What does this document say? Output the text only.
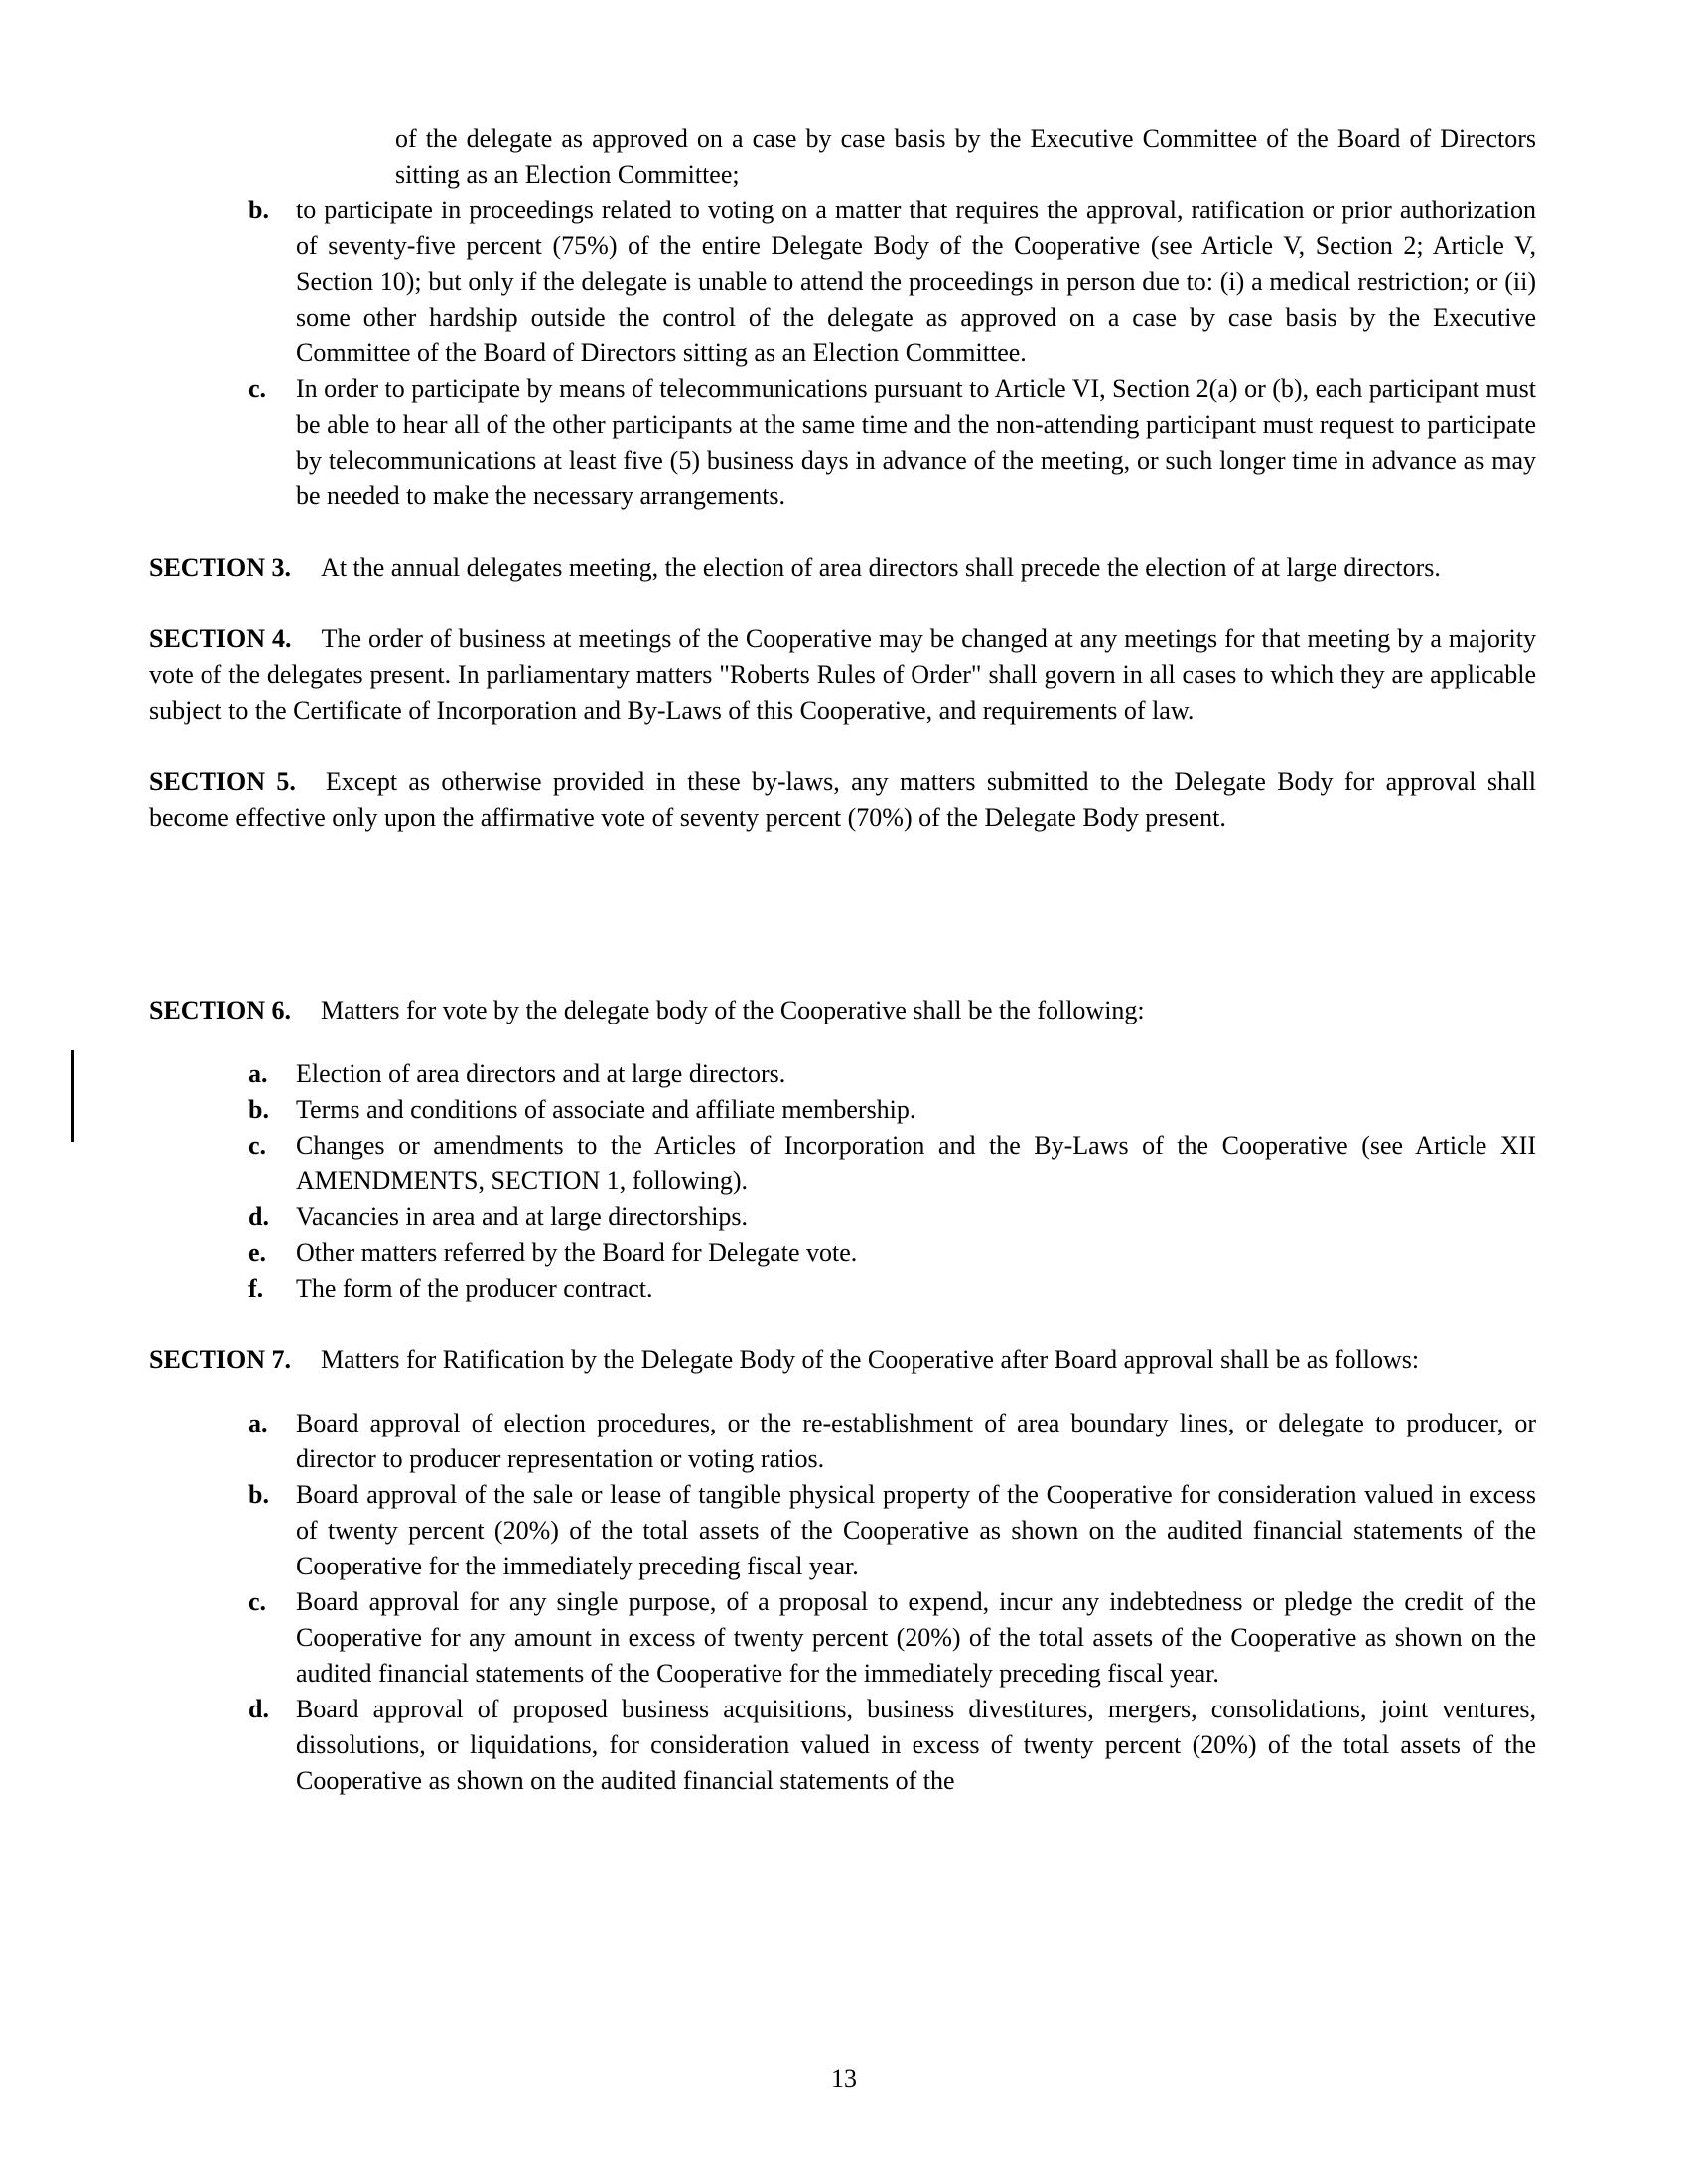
of the delegate as approved on a case by case basis by the Executive Committee of the Board of Directors sitting as an Election Committee;

b.	to participate in proceedings related to voting on a matter that requires the approval, ratification or prior authorization of seventy-five percent (75%) of the entire Delegate Body of the Cooperative (see Article V, Section 2; Article V, Section 10); but only if the delegate is unable to attend the proceedings in person due to: (i) a medical restriction; or (ii) some other hardship outside the control of the delegate as approved on a case by case basis by the Executive Committee of the Board of Directors sitting as an Election Committee.

c.	In order to participate by means of telecommunications pursuant to Article VI, Section 2(a) or (b), each participant must be able to hear all of the other participants at the same time and the non-attending participant must request to participate by telecommunications at least five (5) business days in advance of the meeting, or such longer time in advance as may be needed to make the necessary arrangements.

SECTION 3. At the annual delegates meeting, the election of area directors shall precede the election of at large directors.

SECTION 4. The order of business at meetings of the Cooperative may be changed at any meetings for that meeting by a majority vote of the delegates present. In parliamentary matters "Roberts Rules of Order" shall govern in all cases to which they are applicable subject to the Certificate of Incorporation and By-Laws of this Cooperative, and requirements of law.

SECTION 5. Except as otherwise provided in these by-laws, any matters submitted to the Delegate Body for approval shall become effective only upon the affirmative vote of seventy percent (70%) of the Delegate Body present.

SECTION 6. Matters for vote by the delegate body of the Cooperative shall be the following:

a.	Election of area directors and at large directors.

b.	Terms and conditions of associate and affiliate membership.

c.	Changes or amendments to the Articles of Incorporation and the By-Laws of the Cooperative (see Article XII AMENDMENTS, SECTION 1, following).

d.	Vacancies in area and at large directorships.

e.	Other matters referred by the Board for Delegate vote.

f.	The form of the producer contract.

SECTION 7. Matters for Ratification by the Delegate Body of the Cooperative after Board approval shall be as follows:

a.	Board approval of election procedures, or the re-establishment of area boundary lines, or delegate to producer, or director to producer representation or voting ratios.

b.	Board approval of the sale or lease of tangible physical property of the Cooperative for consideration valued in excess of twenty percent (20%) of the total assets of the Cooperative as shown on the audited financial statements of the Cooperative for the immediately preceding fiscal year.

c.	Board approval for any single purpose, of a proposal to expend, incur any indebtedness or pledge the credit of the Cooperative for any amount in excess of twenty percent (20%) of the total assets of the Cooperative as shown on the audited financial statements of the Cooperative for the immediately preceding fiscal year.

d.	Board approval of proposed business acquisitions, business divestitures, mergers, consolidations, joint ventures, dissolutions, or liquidations, for consideration valued in excess of twenty percent (20%) of the total assets of the Cooperative as shown on the audited financial statements of the

13
